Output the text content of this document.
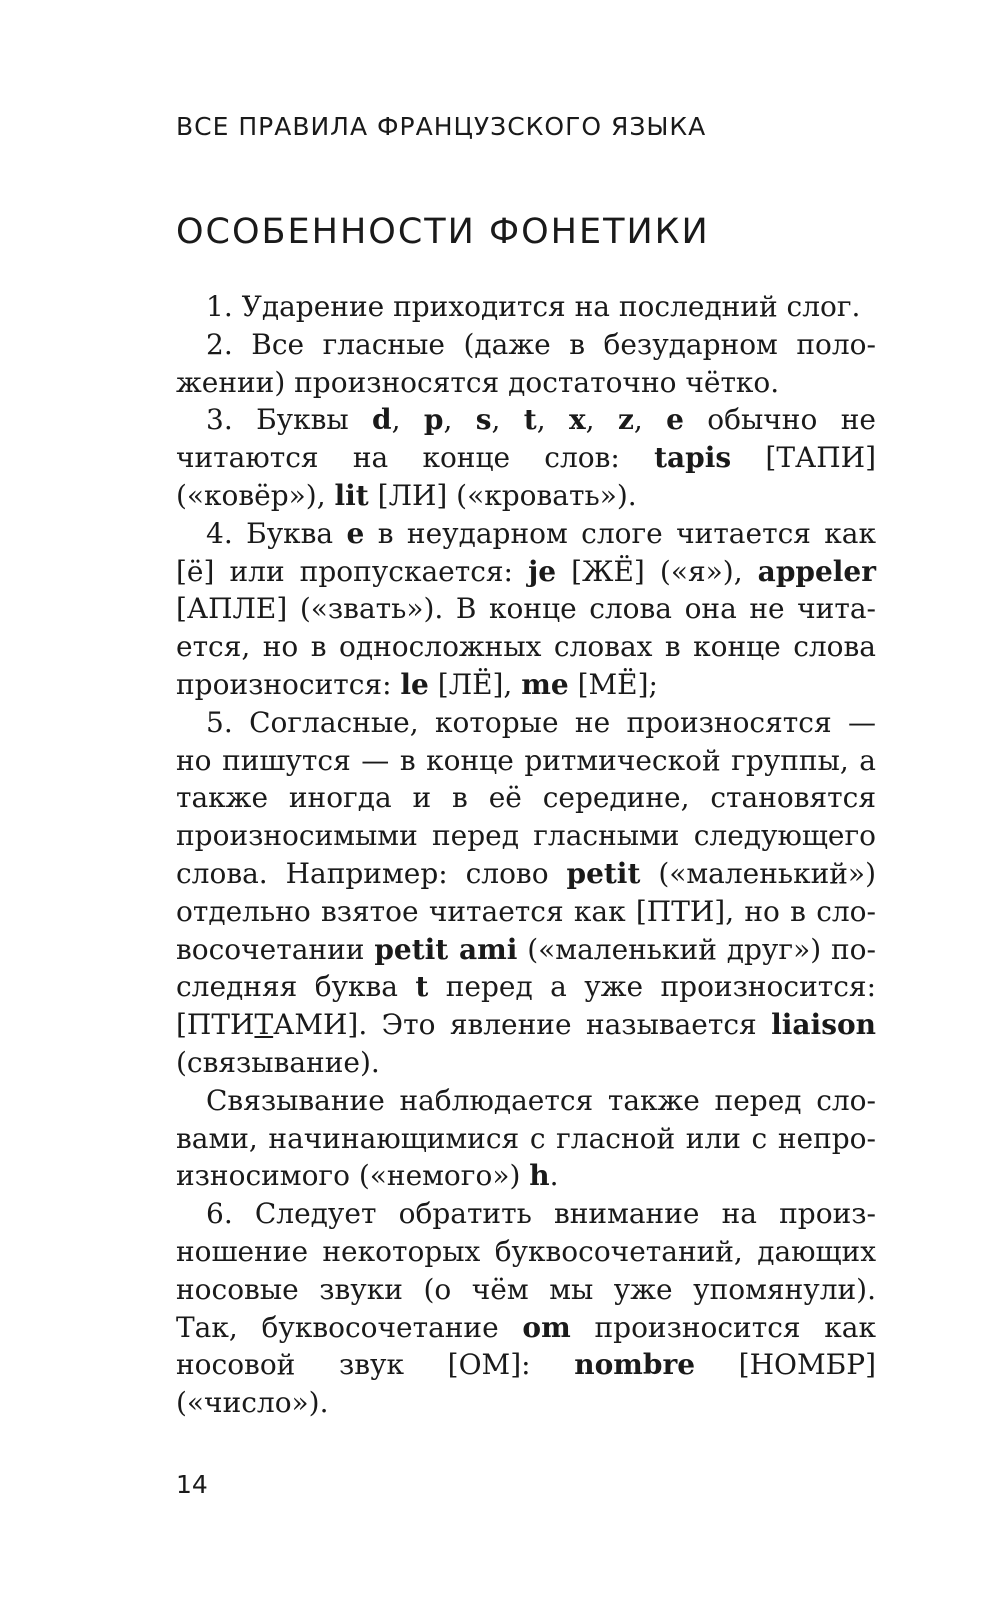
ВСЕ ПРАВИЛА ФРАНЦУЗСКОГО ЯЗЫКА
ОСОБЕННОСТИ ФОНЕТИКИ

1. Ударение приходится на последний слог.

2. Все гласные (даже в безударном положении) произносятся достаточно чётко.

3. Буквы d, p, s, t, x, z, e обычно не читаются на конце слов: tapis [ТАПИ] («ковёр»), lit [ЛИ] («кровать»).

4. Буква e в неударном слоге читается как [ё] или пропускается: je [ЖЁ] («я»), appeler [АПЛЕ] («звать»). В конце слова она не читается, но в односложных словах в конце слова произносится: le [ЛЁ], me [МЁ];

5. Согласные, которые не произносятся — но пишутся — в конце ритмической группы, а также иногда и в её середине, становятся произносимыми перед гласными следующего слова. Например: слово petit («маленький») отдельно взятое читается как [ПТИ], но в словосочетании petit ami («маленький друг») последняя буква t перед а уже произносится: [ПТИТАМИ]. Это явление называется liaison (связывание).

Связывание наблюдается также перед словами, начинающимися с гласной или с непроизносимого («немого») h.

6. Следует обратить внимание на произношение некоторых буквосочетаний, дающих носовые звуки (о чём мы уже упомянули). Так, буквосочетание om произносится как носовой звук [ОМ]: nombre [НОМБР] («число»).

14
